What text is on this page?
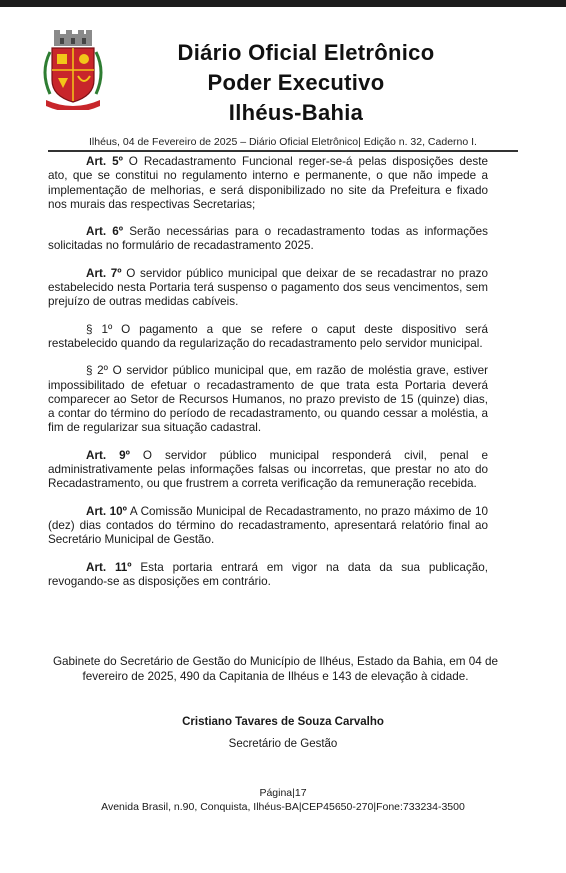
Diário Oficial Eletrônico
Poder Executivo
Ilhéus-Bahia
Ilhéus, 04 de Fevereiro de 2025 – Diário Oficial Eletrônico| Edição n. 32, Caderno I.

Art. 5º O Recadastramento Funcional reger-se-á pelas disposições deste ato, que se constitui no regulamento interno e permanente, o que não impede a implementação de melhorias, e será disponibilizado no site da Prefeitura e fixado nos murais das respectivas Secretarias;

Art. 6º Serão necessárias para o recadastramento todas as informações solicitadas no formulário de recadastramento 2025.

Art. 7º O servidor público municipal que deixar de se recadastrar no prazo estabelecido nesta Portaria terá suspenso o pagamento dos seus vencimentos, sem prejuízo de outras medidas cabíveis.

§ 1º O pagamento a que se refere o caput deste dispositivo será restabelecido quando da regularização do recadastramento pelo servidor municipal.

§ 2º O servidor público municipal que, em razão de moléstia grave, estiver impossibilitado de efetuar o recadastramento de que trata esta Portaria deverá comparecer ao Setor de Recursos Humanos, no prazo previsto de 15 (quinze) dias, a contar do término do período de recadastramento, ou quando cessar a moléstia, a fim de regularizar sua situação cadastral.

Art. 9º O servidor público municipal responderá civil, penal e administrativamente pelas informações falsas ou incorretas, que prestar no ato do Recadastramento, ou que frustrem a correta verificação da remuneração recebida.

Art. 10º A Comissão Municipal de Recadastramento, no prazo máximo de 10 (dez) dias contados do término do recadastramento, apresentará relatório final ao Secretário Municipal de Gestão.

Art. 11º Esta portaria entrará em vigor na data da sua publicação, revogando-se as disposições em contrário.

Gabinete do Secretário de Gestão do Município de Ilhéus, Estado da Bahia, em 04 de fevereiro de 2025, 490 da Capitania de Ilhéus e 143 de elevação à cidade.
Cristiano Tavares de Souza Carvalho
Secretário de Gestão
Página|17
Avenida Brasil, n.90, Conquista, Ilhéus-BA|CEP45650-270|Fone:733234-3500
